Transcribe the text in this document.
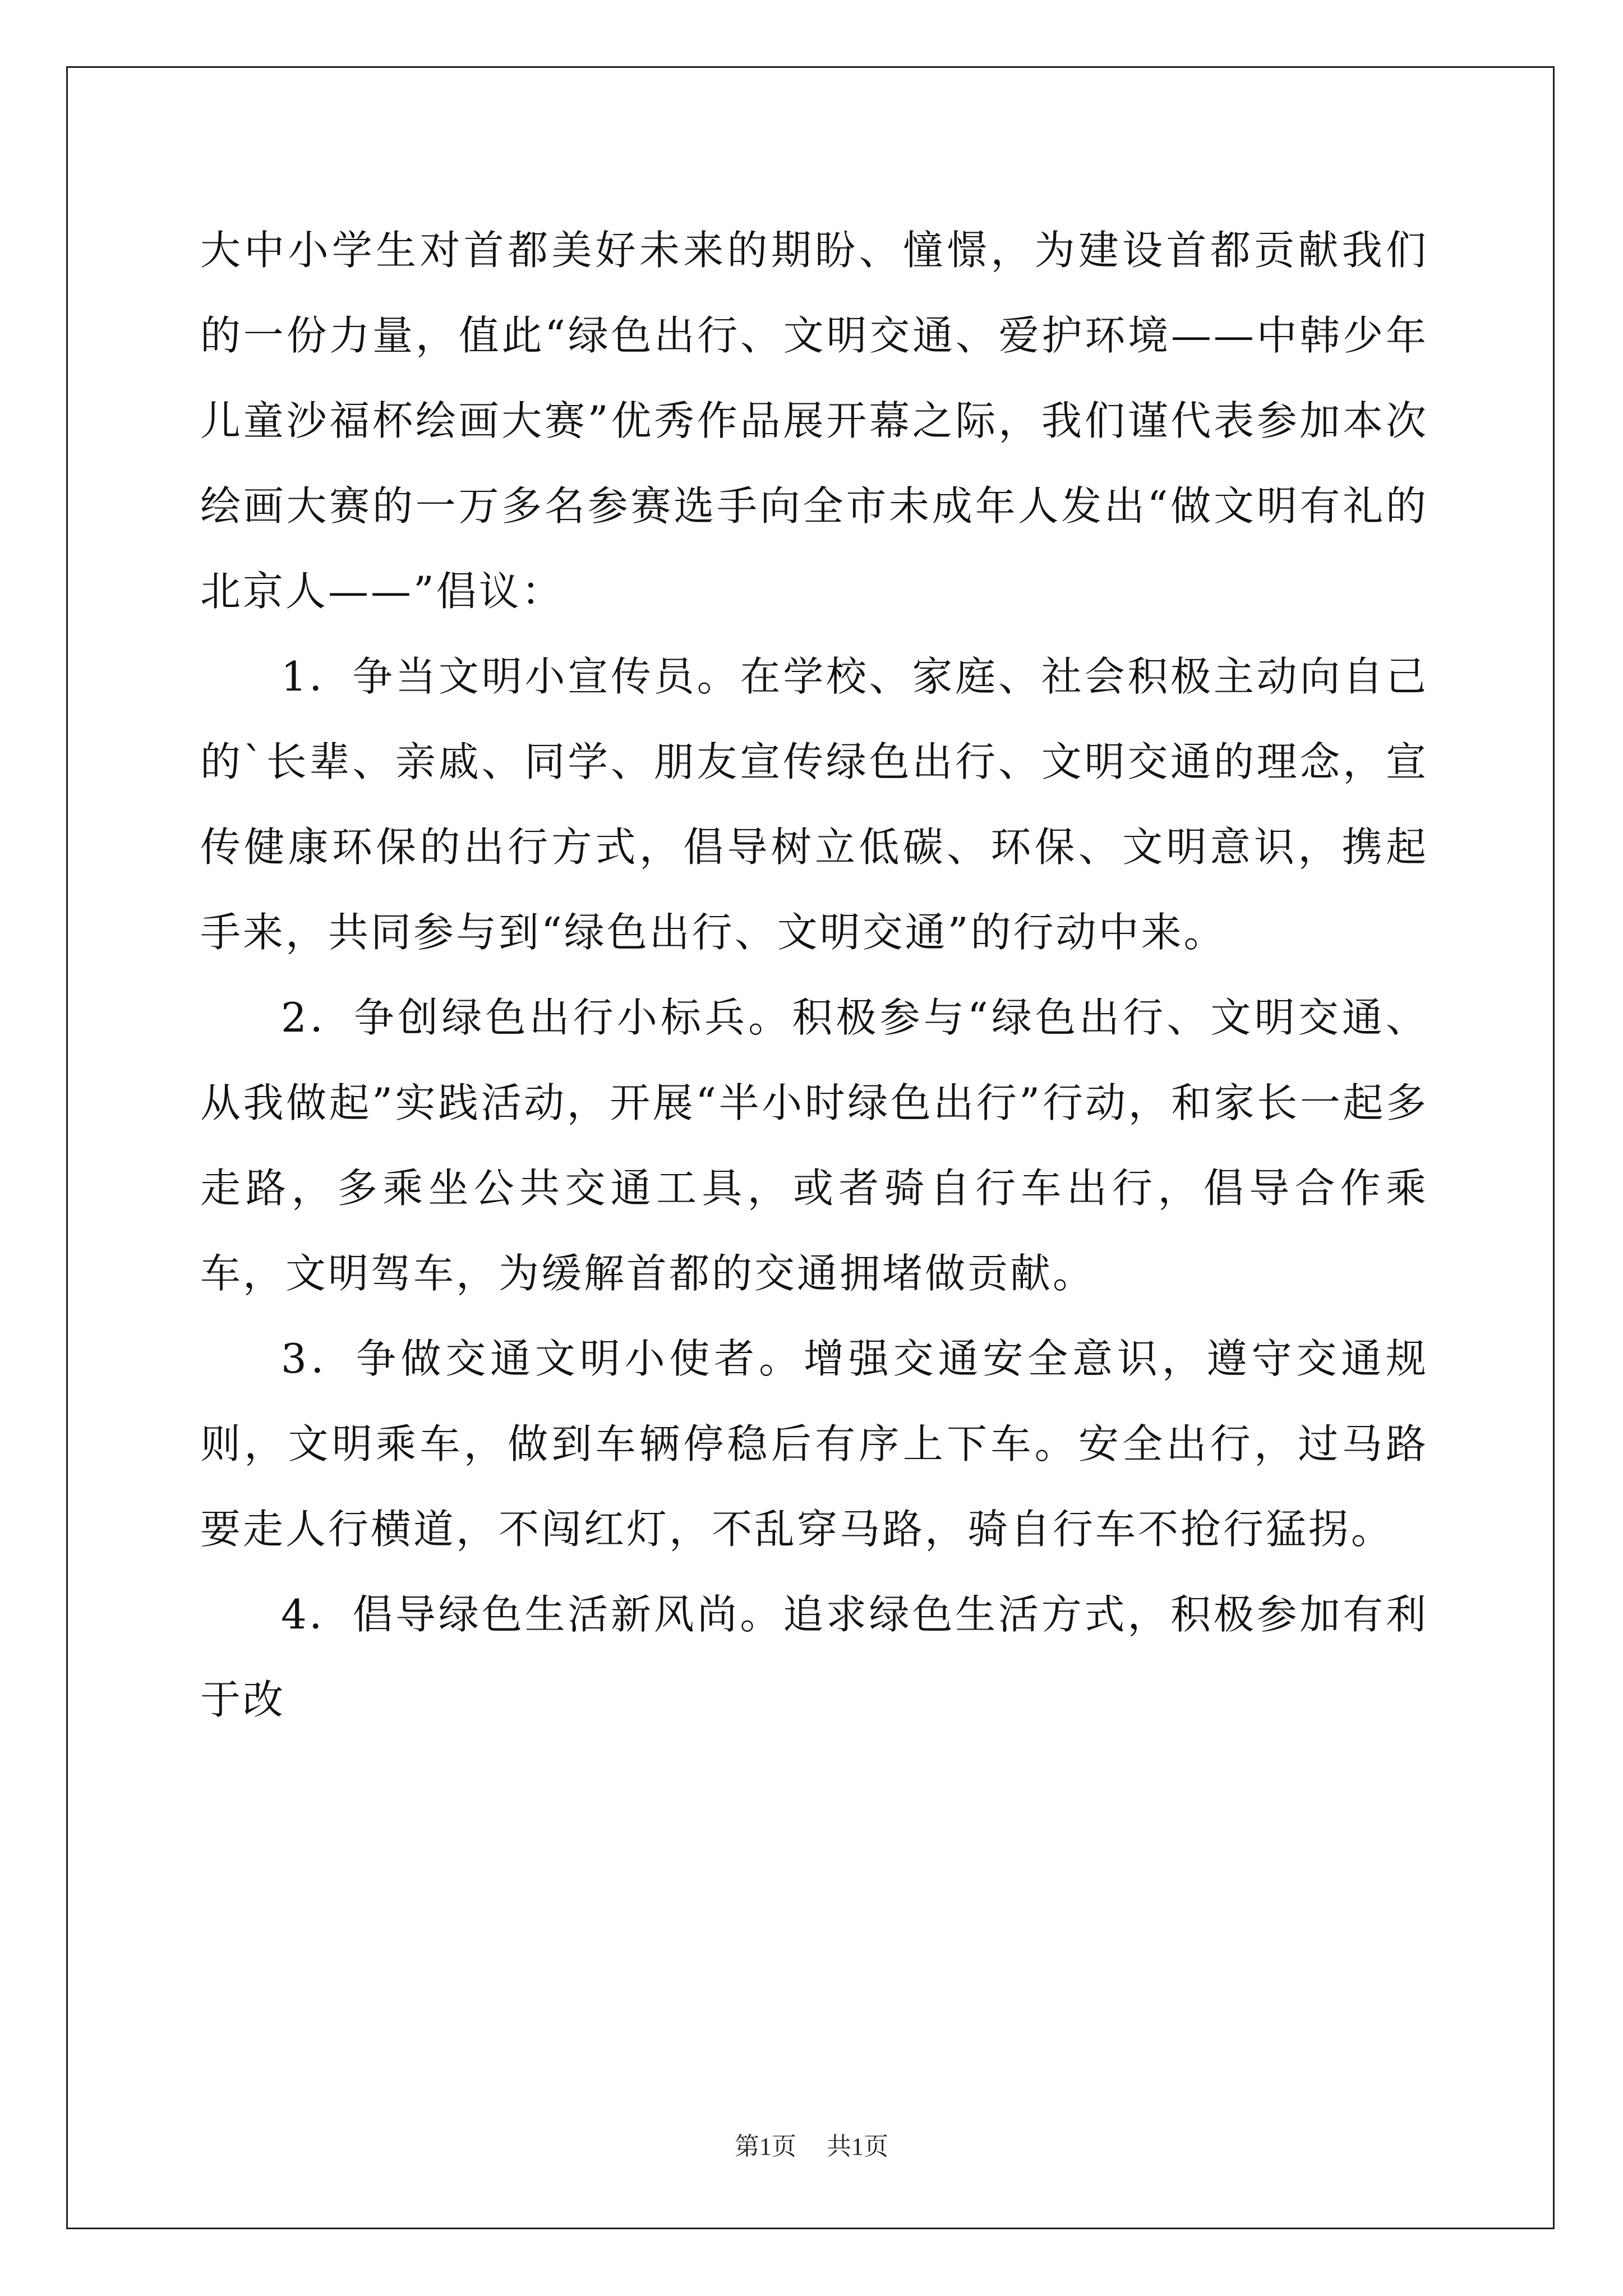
大中小学生对首都美好未来的期盼、憧憬，为建设首都贡献我们的一份力量，值此“绿色出行、文明交通、爱护环境——中韩少年儿童沙福杯绘画大赛”优秀作品展开幕之际，我们谨代表参加本次绘画大赛的一万多名参赛选手向全市未成年人发出“做文明有礼的北京人——”倡议：

1．争当文明小宣传员。在学校、家庭、社会积极主动向自己的`长辈、亲戚、同学、朋友宣传绿色出行、文明交通的理念，宣传健康环保的出行方式，倡导树立低碳、环保、文明意识，携起手来，共同参与到“绿色出行、文明交通”的行动中来。

2．争创绿色出行小标兵。积极参与“绿色出行、文明交通、从我做起”实践活动，开展“半小时绿色出行”行动，和家长一起多走路，多乘坐公共交通工具，或者骑自行车出行，倡导合作乘车，文明驾车，为缓解首都的交通拥堵做贡献。

3．争做交通文明小使者。增强交通安全意识，遵守交通规则，文明乘车，做到车辆停稳后有序上下车。安全出行，过马路要走人行横道，不闯红灯，不乱穿马路，骑自行车不抢行猛拐。

4．倡导绿色生活新风尚。追求绿色生活方式，积极参加有利于改

第1页 共1页
